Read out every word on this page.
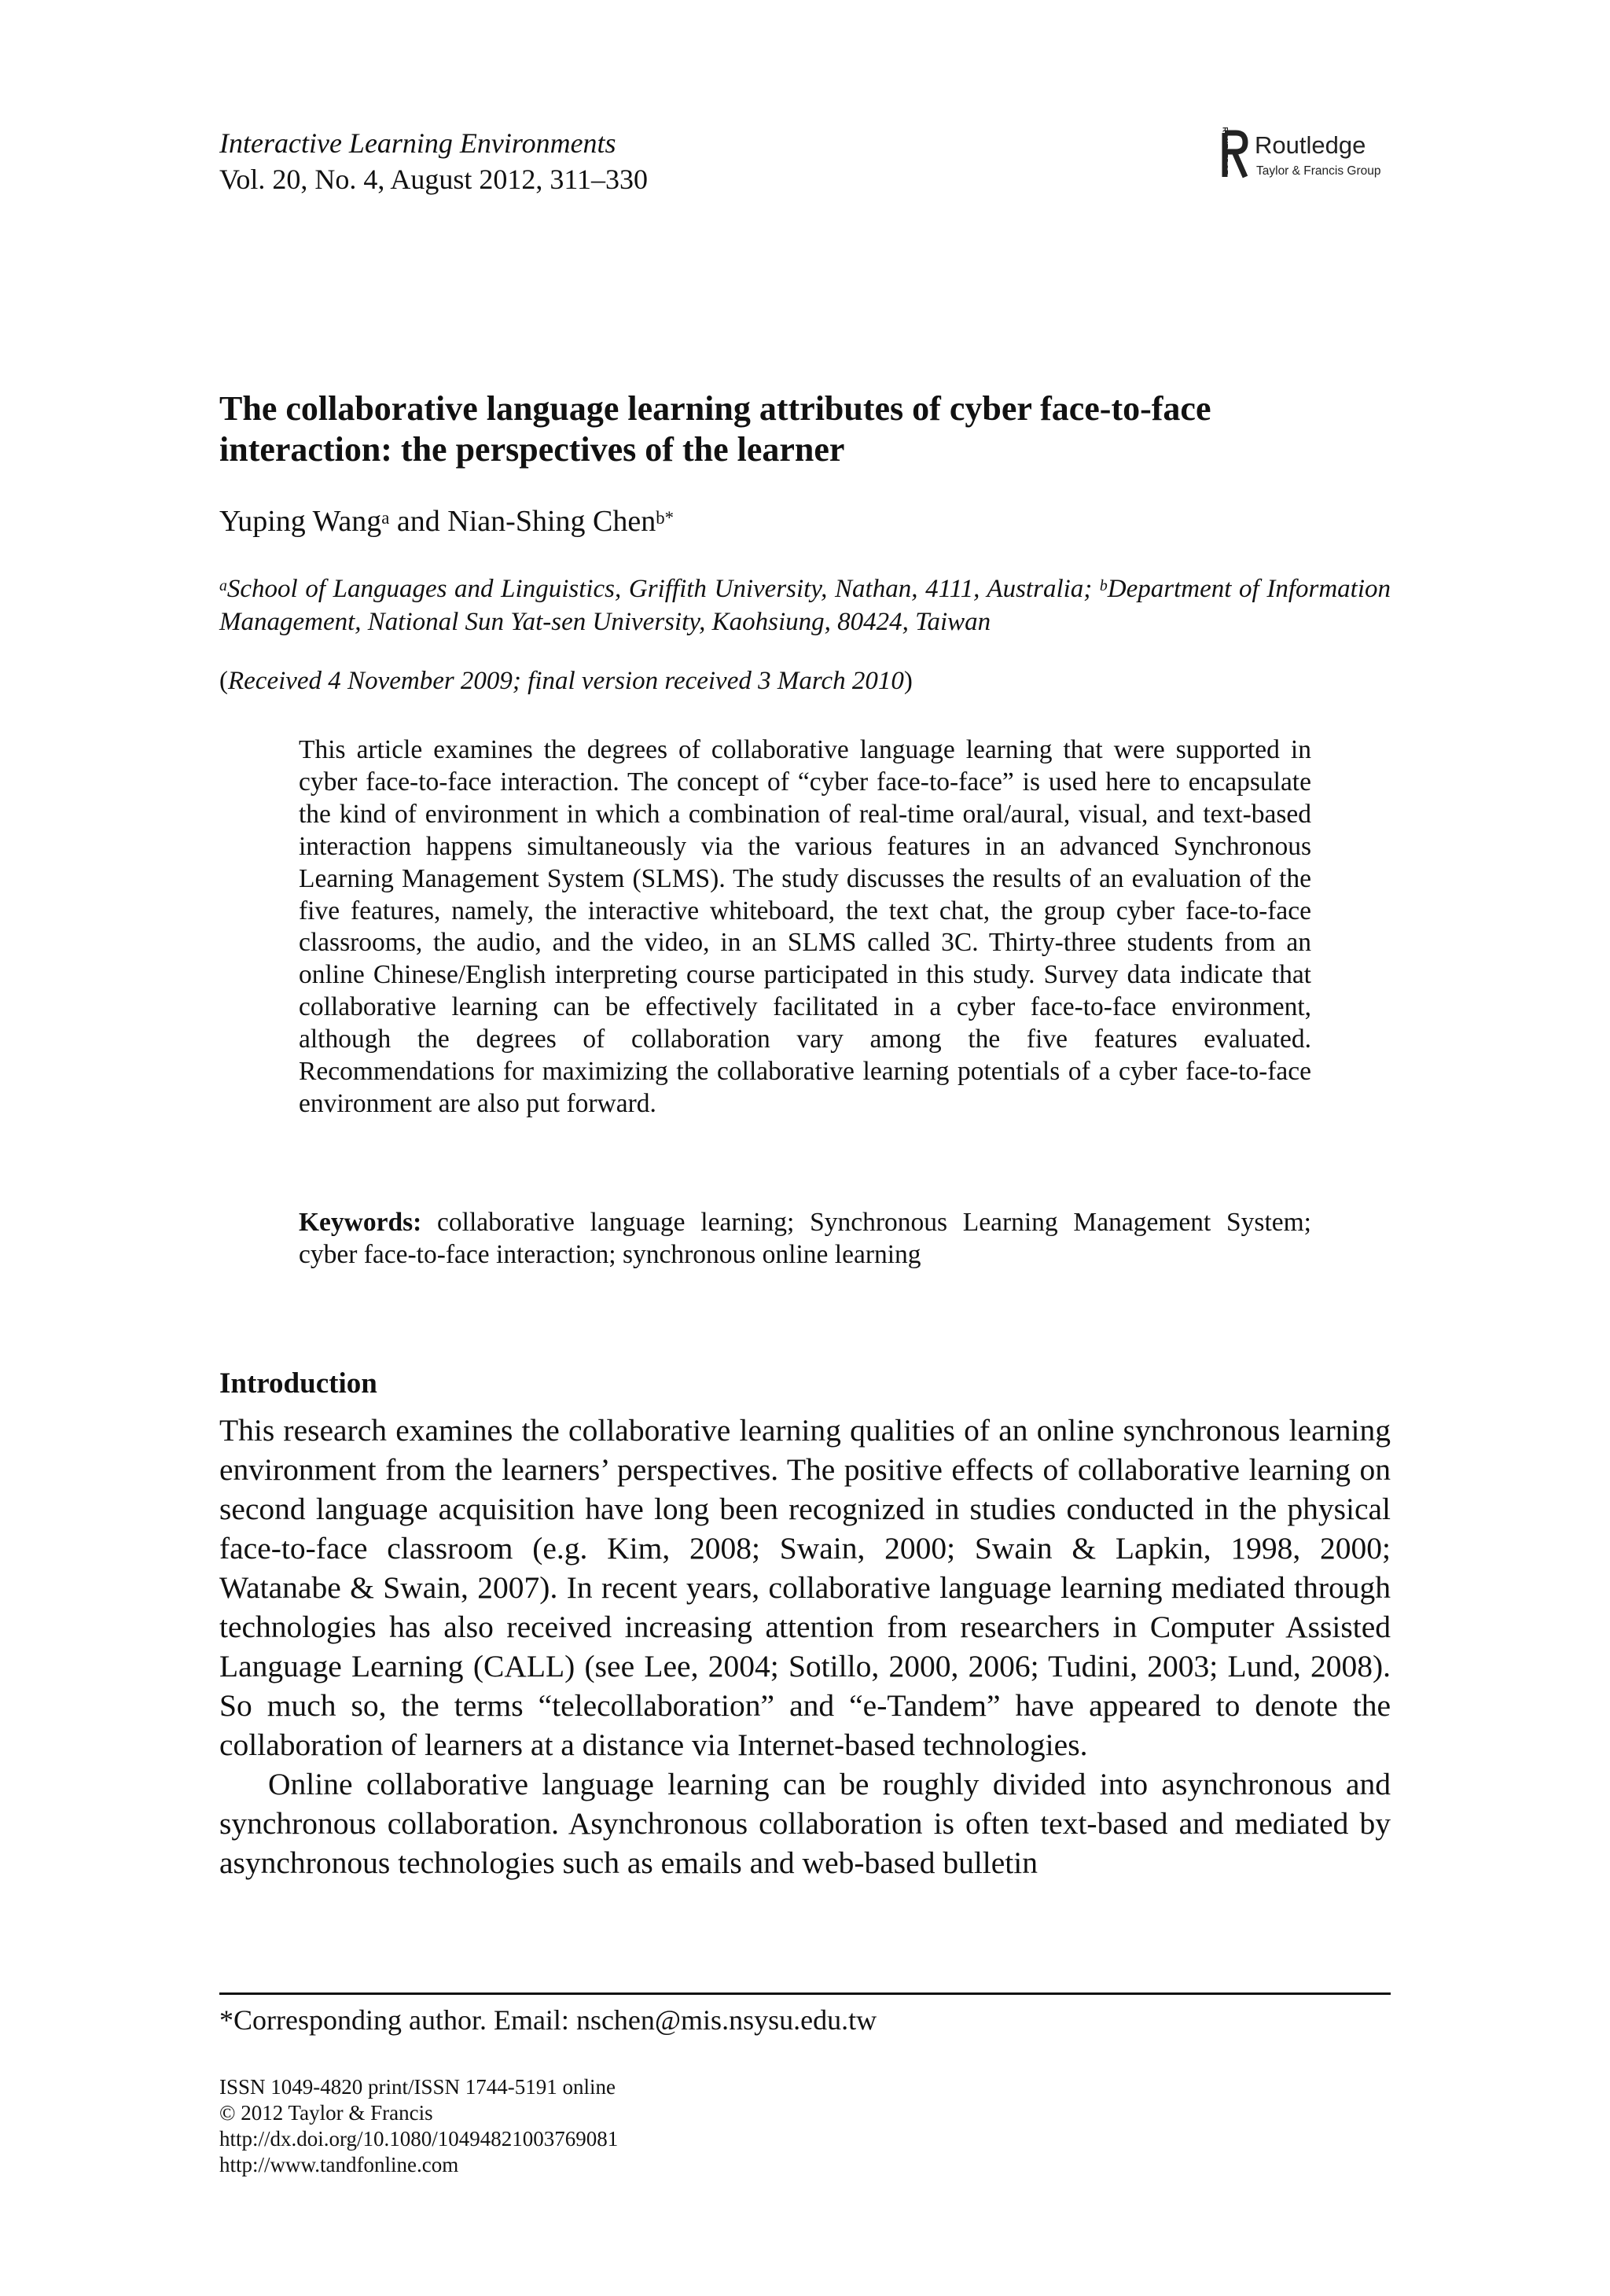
Interactive Learning Environments
Vol. 20, No. 4, August 2012, 311–330
ROUTLEDGE Routledge
Taylor & Francis Group
The collaborative language learning attributes of cyber face-to-face interaction: the perspectives of the learner
Yuping Wang$^a$ and Nian-Shing Chen$^{b*}$
$^a$School of Languages and Linguistics, Griffith University, Nathan, 4111, Australia; $^b$Department of Information Management, National Sun Yat-sen University, Kaohsiung, 80424, Taiwan
(Received 4 November 2009; final version received 3 March 2010)
This article examines the degrees of collaborative language learning that were supported in cyber face-to-face interaction. The concept of “cyber face-to-face” is used here to encapsulate the kind of environment in which a combination of real-time oral/aural, visual, and text-based interaction happens simultaneously via the various features in an advanced Synchronous Learning Management System (SLMS). The study discusses the results of an evaluation of the five features, namely, the interactive whiteboard, the text chat, the group cyber face-to-face classrooms, the audio, and the video, in an SLMS called 3C. Thirty-three students from an online Chinese/English interpreting course participated in this study. Survey data indicate that collaborative learning can be effectively facilitated in a cyber face-to-face environment, although the degrees of collaboration vary among the five features evaluated. Recommendations for maximizing the collaborative learning potentials of a cyber face-to-face environment are also put forward.
Keywords: collaborative language learning; Synchronous Learning Management System; cyber face-to-face interaction; synchronous online learning
Introduction

This research examines the collaborative learning qualities of an online synchronous learning environment from the learners’ perspectives. The positive effects of collaborative learning on second language acquisition have long been recognized in studies conducted in the physical face-to-face classroom (e.g. Kim, 2008; Swain, 2000; Swain & Lapkin, 1998, 2000; Watanabe & Swain, 2007). In recent years, collaborative language learning mediated through technologies has also received increasing attention from researchers in Computer Assisted Language Learning (CALL) (see Lee, 2004; Sotillo, 2000, 2006; Tudini, 2003; Lund, 2008). So much so, the terms “telecollaboration” and “e-Tandem” have appeared to denote the collaboration of learners at a distance via Internet-based technologies.

Online collaborative language learning can be roughly divided into asynchronous and synchronous collaboration. Asynchronous collaboration is often text-based and mediated by asynchronous technologies such as emails and web-based bulletin

*Corresponding author. Email: nschen@mis.nsysu.edu.tw
ISSN 1049-4820 print/ISSN 1744-5191 online
© 2012 Taylor & Francis
http://dx.doi.org/10.1080/10494821003769081
http://www.tandfonline.com
